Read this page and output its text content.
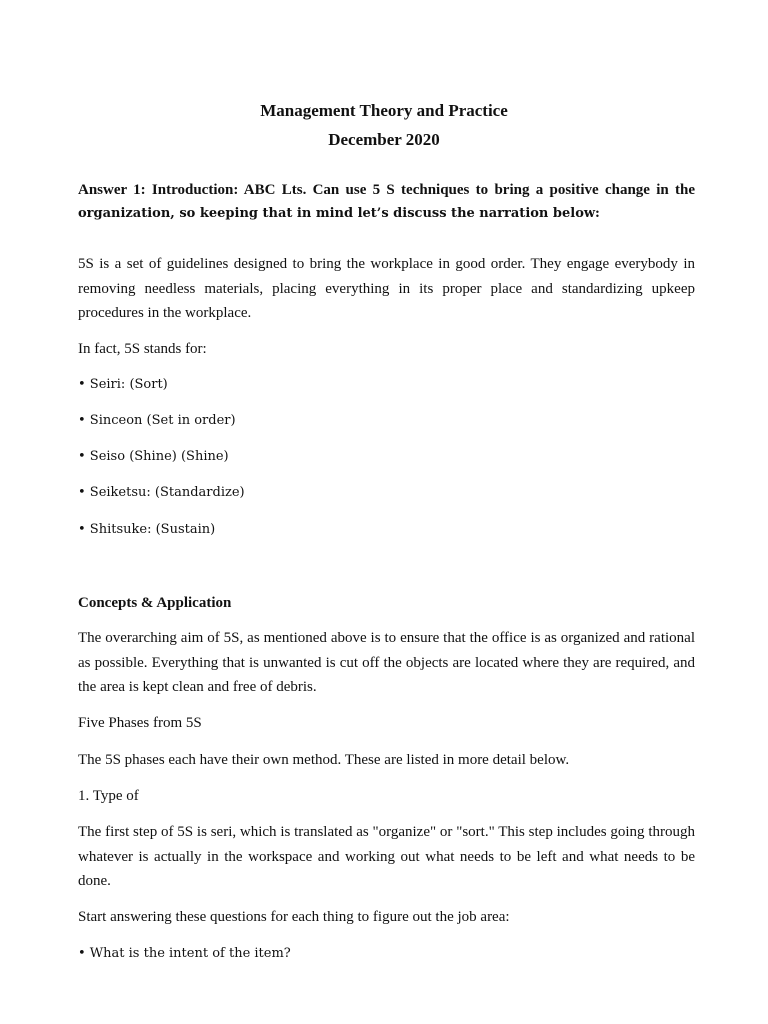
Management Theory and Practice
December 2020
Answer 1: Introduction: ABC Lts. Can use 5 S techniques to bring a positive change in the
organization, so keeping that in mind let’s discuss the narration below:
5S is a set of guidelines designed to bring the workplace in good order. They engage everybody in removing needless materials, placing everything in its proper place and standardizing upkeep procedures in the workplace.
In fact, 5S stands for:
• Seiri: (Sort)
• Sinceon (Set in order)
• Seiso (Shine) (Shine)
• Seiketsu: (Standardize)
• Shitsuke: (Sustain)
Concepts & Application
The overarching aim of 5S, as mentioned above is to ensure that the office is as organized and rational as possible. Everything that is unwanted is cut off the objects are located where they are required, and the area is kept clean and free of debris.
Five Phases from 5S
The 5S phases each have their own method. These are listed in more detail below.
1. Type of
The first step of 5S is seri, which is translated as "organize" or "sort." This step includes going through whatever is actually in the workspace and working out what needs to be left and what needs to be done.
Start answering these questions for each thing to figure out the job area:
• What is the intent of the item?
